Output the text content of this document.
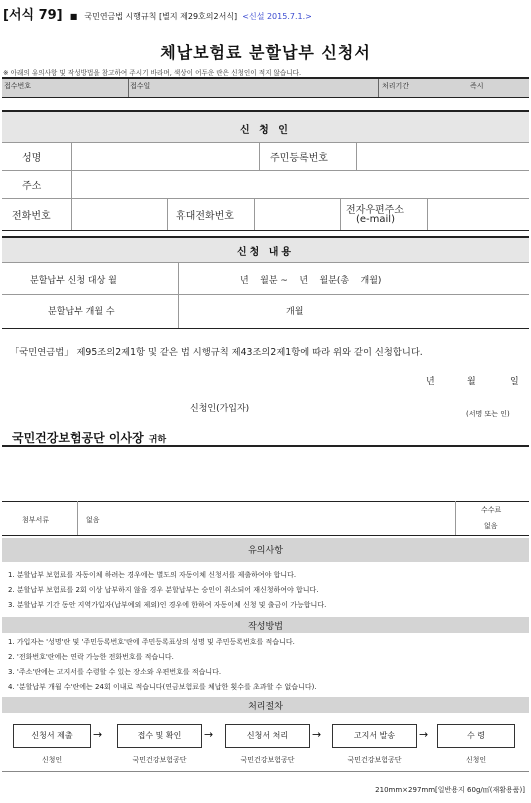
[서식 79] ■ 국민연금법 시행규칙 [별지 제29호의2서식] <신설 2015.7.1.>
체납보험료 분할납부 신청서
※ 아래의 유의사항 및 작성방법을 참고하여 주시기 바라며, 색상이 어두운 란은 신청인이 적지 않습니다.
접수번호	접수일	처리기간	즉시
신 청 인
성명	주민등록번호
주소
전화번호	휴대전화번호
전자우편주소
(e-mail)
신청 내용
분할납부 신청 대상 월	년    월분 ~    년    월분(총    개월)
분할납부 개월 수	개월
「국민연금법」 제95조의2제1항 및 같은 법 시행규칙 제43조의2제1항에 따라 위와 같이 신청합니다.
년	월	일
신청인(가입자)	(서명 또는 인)
국민건강보험공단 이사장 귀하
첨부서류	없음
수수료
없음
유의사항
1. 분할납부 보험료를 자동이체 하려는 경우에는 별도의 자동이체 신청서를 제출하여야 합니다.
2. 분할납부 보험료를 2회 이상 납부하지 않을 경우 분할납부는 승인이 취소되어 재신청하여야 합니다.
3. 분할납부 기간 동안 지역가입자(납부예외 제외)인 경우에 한하여 자동이체 신청 및 출금이 가능합니다.
작성방법
1. 가입자는 '성명'란 및 '주민등록번호'란에 주민등록표상의 성명 및 주민등록번호를 적습니다.
2. '전화번호'란에는 연락 가능한 전화번호를 적습니다.
3. '주소'란에는 고지서를 수령할 수 있는 장소와 우편번호를 적습니다.
4. '분할납부 개월 수'란에는 24회 이내로 적습니다(연금보험료를 체납한 횟수를 초과할 수 없습니다).
처리절차
신청서 제출	→	접수 및 확인	→	신청서 처리	→	고지서 발송	→	수 령
신청인	국민건강보험공단	국민건강보험공단	국민건강보험공단	신청인
210mm×297mm[일반용지 60g/㎡(재활용품)]
